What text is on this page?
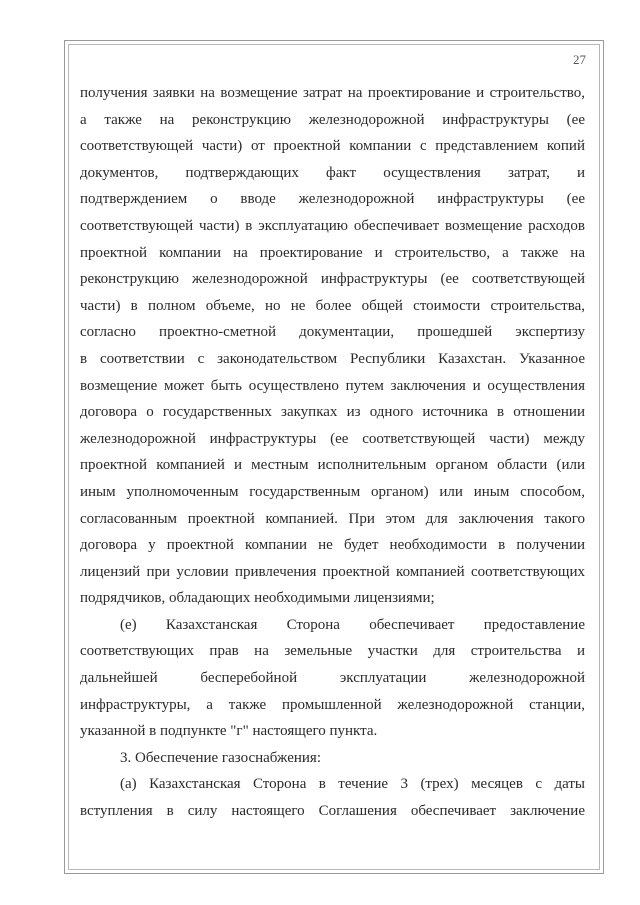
27
получения заявки на возмещение затрат на проектирование и строительство,
а также на реконструкцию железнодорожной инфраструктуры (ее
соответствующей части) от проектной компании с представлением копий
документов, подтверждающих факт осуществления затрат, и
подтверждением о вводе железнодорожной инфраструктуры (ее
соответствующей части) в эксплуатацию обеспечивает возмещение расходов
проектной компании на проектирование и строительство, а также на
реконструкцию железнодорожной инфраструктуры (ее соответствующей
части) в полном объеме, но не более общей стоимости строительства,
согласно проектно-сметной документации, прошедшей экспертизу
в соответствии с законодательством Республики Казахстан. Указанное
возмещение может быть осуществлено путем заключения и осуществления
договора о государственных закупках из одного источника в отношении
железнодорожной инфраструктуры (ее соответствующей части) между
проектной компанией и местным исполнительным органом области (или
иным уполномоченным государственным органом) или иным способом,
согласованным проектной компанией. При этом для заключения такого
договора у проектной компании не будет необходимости в получении
лицензий при условии привлечения проектной компанией соответствующих
подрядчиков, обладающих необходимыми лицензиями;
(е) Казахстанская Сторона обеспечивает предоставление
соответствующих прав на земельные участки для строительства и
дальнейшей бесперебойной эксплуатации железнодорожной
инфраструктуры, а также промышленной железнодорожной станции,
указанной в подпункте "г" настоящего пункта.
3. Обеспечение газоснабжения:
(а) Казахстанская Сторона в течение 3 (трех) месяцев с даты
вступления в силу настоящего Соглашения обеспечивает заключение
